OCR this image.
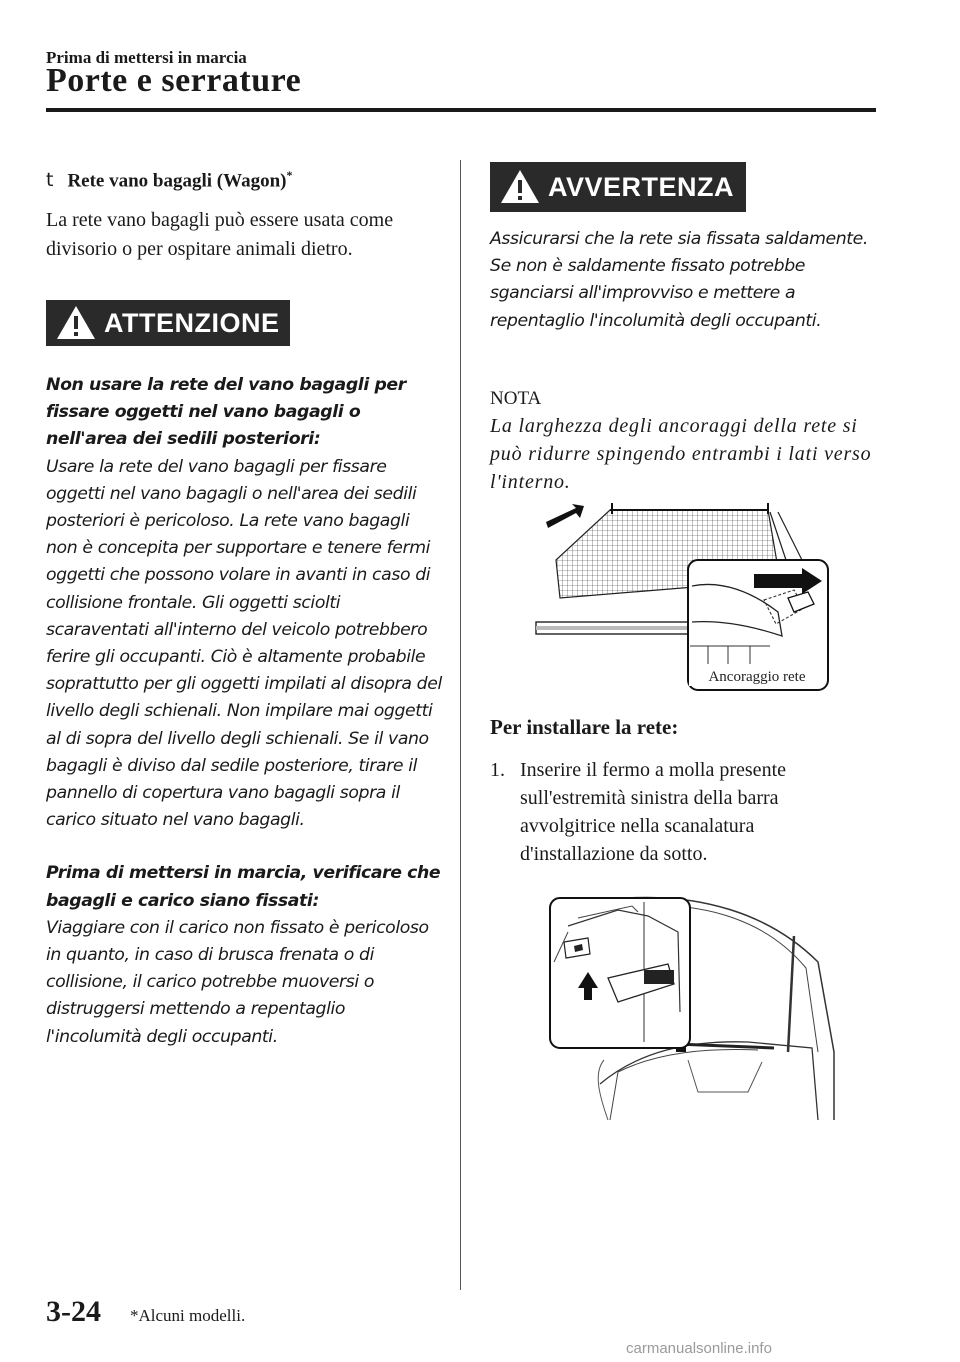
Prima di mettersi in marcia
Porte e serrature
t Rete vano bagagli (Wagon)*
La rete vano bagagli può essere usata come divisorio o per ospitare animali dietro.
ATTENZIONE
Non usare la rete del vano bagagli per fissare oggetti nel vano bagagli o nell'area dei sedili posteriori:
Usare la rete del vano bagagli per fissare oggetti nel vano bagagli o nell'area dei sedili posteriori è pericoloso. La rete vano bagagli non è concepita per supportare e tenere fermi oggetti che possono volare in avanti in caso di collisione frontale. Gli oggetti sciolti scaraventati all'interno del veicolo potrebbero ferire gli occupanti. Ciò è altamente probabile soprattutto per gli oggetti impilati al disopra del livello degli schienali. Non impilare mai oggetti al di sopra del livello degli schienali. Se il vano bagagli è diviso dal sedile posteriore, tirare il pannello di copertura vano bagagli sopra il carico situato nel vano bagagli.
Prima di mettersi in marcia, verificare che bagagli e carico siano fissati:
Viaggiare con il carico non fissato è pericoloso in quanto, in caso di brusca frenata o di collisione, il carico potrebbe muoversi o distruggersi mettendo a repentaglio l'incolumità degli occupanti.
AVVERTENZA
Assicurarsi che la rete sia fissata saldamente. Se non è saldamente fissato potrebbe sganciarsi all'improvviso e mettere a repentaglio l'incolumità degli occupanti.
NOTA
La larghezza degli ancoraggi della rete si può ridurre spingendo entrambi i lati verso l'interno.
Ancoraggio rete
Per installare la rete:
1. Inserire il fermo a molla presente sull'estremità sinistra della barra avvolgitrice nella scanalatura d'installazione da sotto.
3-24 *Alcuni modelli.
carmanualsonline.info
